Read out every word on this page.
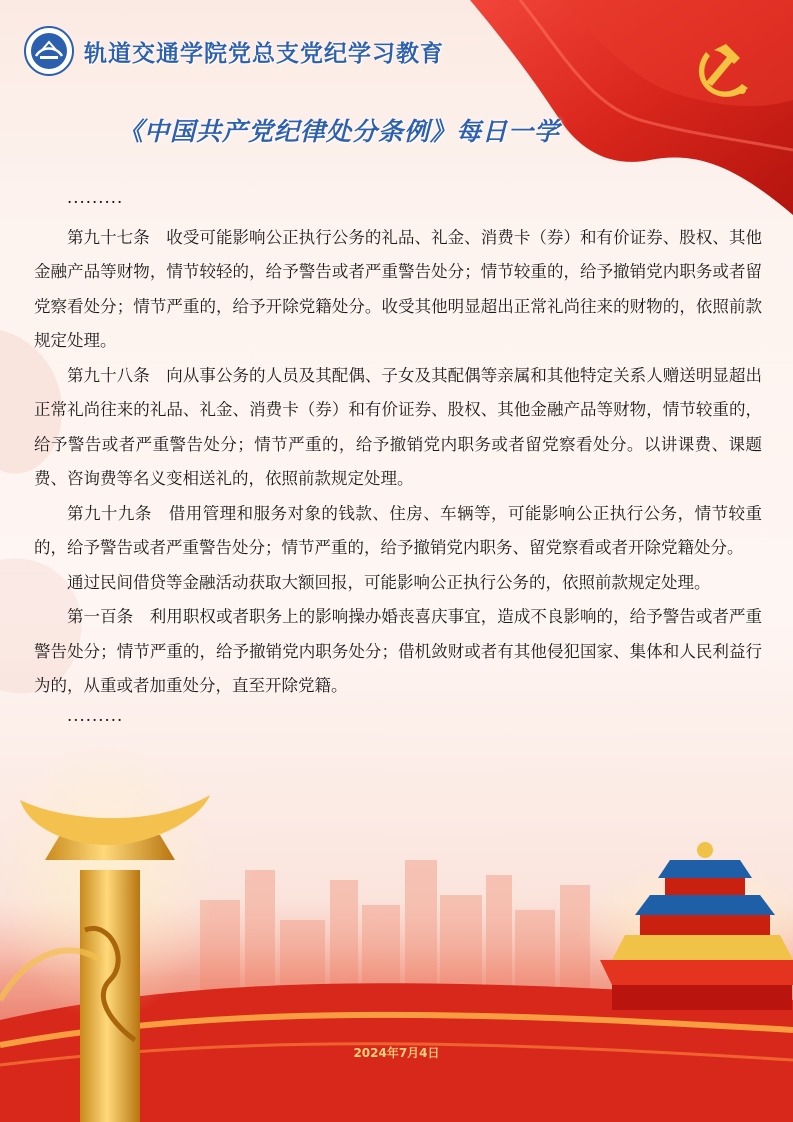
轨道交通学院党总支党纪学习教育
《中国共产党纪律处分条例》每日一学

·········

第九十七条　收受可能影响公正执行公务的礼品、礼金、消费卡（券）和有价证券、股权、其他金融产品等财物，情节较轻的，给予警告或者严重警告处分；情节较重的，给予撤销党内职务或者留党察看处分；情节严重的，给予开除党籍处分。收受其他明显超出正常礼尚往来的财物的，依照前款规定处理。

第九十八条　向从事公务的人员及其配偶、子女及其配偶等亲属和其他特定关系人赠送明显超出正常礼尚往来的礼品、礼金、消费卡（券）和有价证券、股权、其他金融产品等财物，情节较重的，给予警告或者严重警告处分；情节严重的，给予撤销党内职务或者留党察看处分。以讲课费、课题费、咨询费等名义变相送礼的，依照前款规定处理。

第九十九条　借用管理和服务对象的钱款、住房、车辆等，可能影响公正执行公务，情节较重的，给予警告或者严重警告处分；情节严重的，给予撤销党内职务、留党察看或者开除党籍处分。

通过民间借贷等金融活动获取大额回报，可能影响公正执行公务的，依照前款规定处理。

第一百条　利用职权或者职务上的影响操办婚丧喜庆事宜，造成不良影响的，给予警告或者严重警告处分；情节严重的，给予撤销党内职务处分；借机敛财或者有其他侵犯国家、集体和人民利益行为的，从重或者加重处分，直至开除党籍。

·········

2024年7月4日
